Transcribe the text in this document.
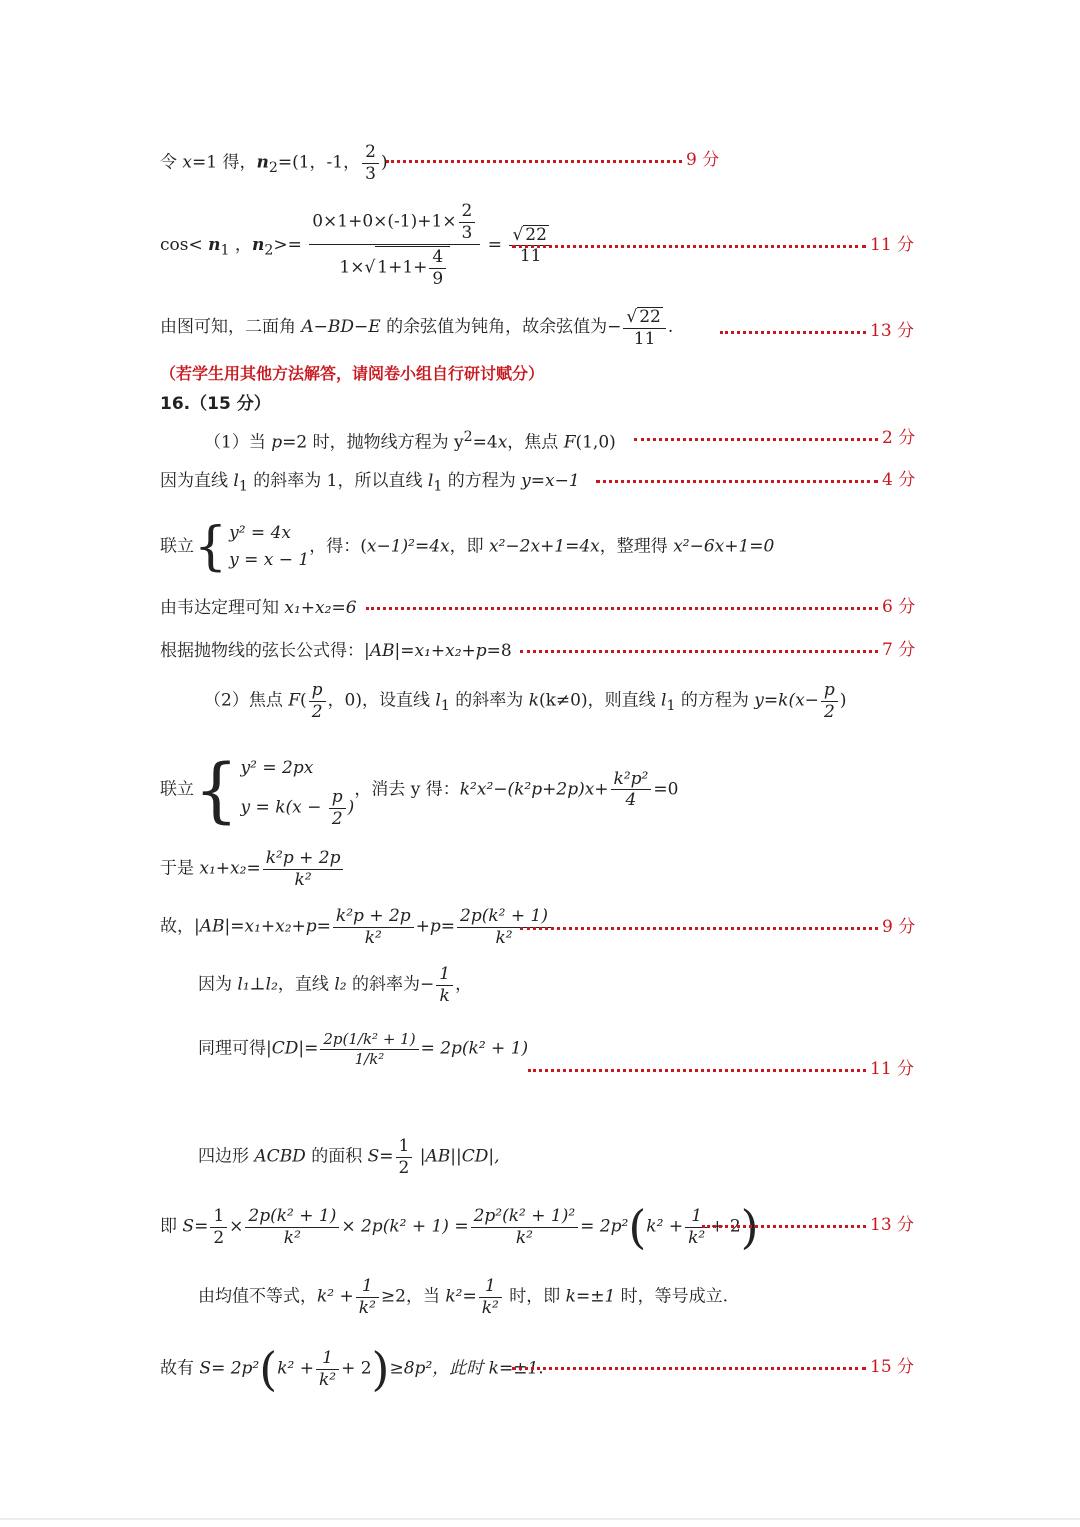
令 x=1 得，$n_2=(1$，-1， $\frac{2}{3}$ )	9 分
$\cos< n_1$ ，$n_2>= \frac{0\times 1+0\times(-1)+1\times \frac{2}{3}}{1\times√ 1+1+ \frac{4}{9}} = \frac{√ 22}{11}$	11 分
由图可知，二面角 A−BD−E 的余弦值为钝角，故余弦值为− $\frac{√ 22}{11}$ .	13 分
（若学生用其他方法解答，请阅卷小组自行研讨赋分）
16.（15 分）
（1）当 p=2 时，抛物线方程为 $y^2=4x$，焦点 F(1,0)	2 分
因为直线 $l_1$ 的斜率为 1，所以直线 $l_1$ 的方程为 y=x−1	4 分
联立{ y² = 4x
y = x − 1
，得：(x−1)²=4x，即 x²−2x+1=4x，整理得 x²−6x+1=0
由韦达定理可知 x₁+x₂=6	6 分
根据抛物线的弦长公式得：|AB|=x₁+x₂+p=8	7 分
（2）焦点 $F( \frac{p}{2}$ ，0)，设直线 $l_1$ 的斜率为 k(k≠0)，则直线 $l_1$ 的方程为 $y=k(x- \frac{p}{2}$ )
联立{ y² = 2px
$y = k(x - \frac{p}{2}$ )
，消去 y 得：$k^2x^2-(k^2p+2p)x+ \frac{\text{k²p²}}{4} =0$
于是 $x_1+x_2= \frac{\text{k²p + 2p}}{\text{k²}}$
故，$|AB|=x_1+x_2+p= \frac{\text{k²p + 2p}}{\text{k²}} +p= \frac{\text{2p(k² + 1)}}{\text{k²}}$	9 分
因为 l₁⊥l₂，直线 l₂ 的斜率为− $\frac{1}{k}$ ，
同理可得$|CD|= \frac{\text{2p(1/k² + 1)}}{\text{1/k²}} = 2p(k^2 + 1)$
11 分
四边形 ACBD 的面积 $S= \frac{1}{2} |AB||CD|$,
即 $S= \frac{1}{2} \times \frac{\text{2p(k² + 1)}}{\text{k²}} \times 2p(k^2 + 1) = \frac{\text{2p²(k² + 1)²}}{\text{k²}} = 2p^2(k^2 + \frac{1}{\text{k²}} + 2)$	13 分
由均值不等式，$k^2 + \frac{1}{\text{k²}} \ge 2$，当 $k^2= \frac{1}{\text{k²}}$ 时，即 k=±1 时，等号成立.
故有 $S= 2p^2(k^2 + \frac{1}{\text{k²}} + 2)\ge 8p^2$，此时 k=±1.	15 分
